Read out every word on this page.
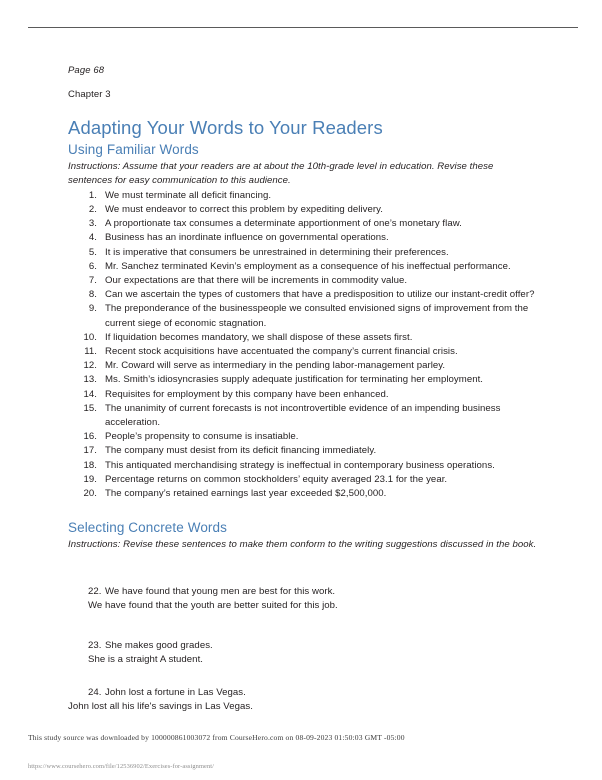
Page 68

Chapter 3

Adapting Your Words to Your Readers
Using Familiar Words

Instructions: Assume that your readers are at about the 10th-grade level in education. Revise these sentences for easy communication to this audience.

1. We must terminate all deficit financing.
2. We must endeavor to correct this problem by expediting delivery.
3. A proportionate tax consumes a determinate apportionment of one’s monetary flaw.
4. Business has an inordinate influence on governmental operations.
5. It is imperative that consumers be unrestrained in determining their preferences.
6. Mr. Sanchez terminated Kevin’s employment as a consequence of his ineffectual performance.
7. Our expectations are that there will be increments in commodity value.
8. Can we ascertain the types of customers that have a predisposition to utilize our instant-credit offer?
9. The preponderance of the businesspeople we consulted envisioned signs of improvement from the current siege of economic stagnation.
10. If liquidation becomes mandatory, we shall dispose of these assets first.
11. Recent stock acquisitions have accentuated the company’s current financial crisis.
12. Mr. Coward will serve as intermediary in the pending labor-management parley.
13. Ms. Smith’s idiosyncrasies supply adequate justification for terminating her employment.
14. Requisites for employment by this company have been enhanced.
15. The unanimity of current forecasts is not incontrovertible evidence of an impending business acceleration.
16. People’s propensity to consume is insatiable.
17. The company must desist from its deficit financing immediately.
18. This antiquated merchandising strategy is ineffectual in contemporary business operations.
19. Percentage returns on common stockholders’ equity averaged 23.1 for the year.
20. The company’s retained earnings last year exceeded $2,500,000.
Selecting Concrete Words

Instructions: Revise these sentences to make them conform to the writing suggestions discussed in the book.

22. We have found that young men are best for this work.

We have found that the youth are better suited for this job.

23. She makes good grades.

She is a straight A student.

24. John lost a fortune in Las Vegas.

John lost all his life's savings in Las Vegas.

This study source was downloaded by 100000861003072 from CourseHero.com on 08-09-2023 01:50:03 GMT -05:00
https://www.coursehero.com/file/12536902/Exercises-for-assignment/
